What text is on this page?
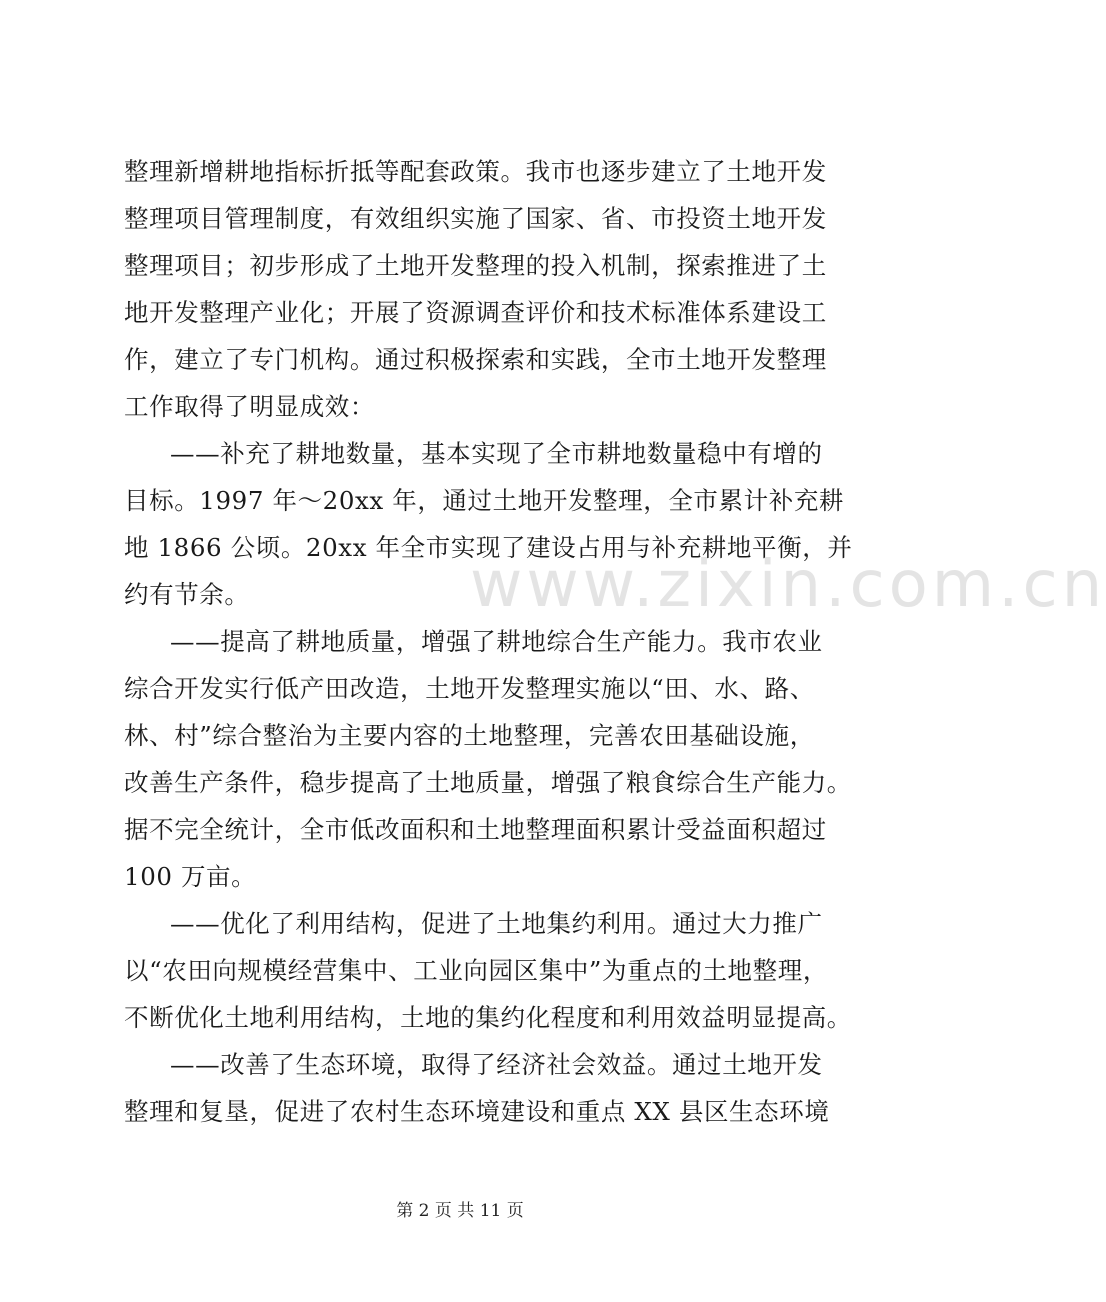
整理新增耕地指标折抵等配套政策。我市也逐步建立了土地开发
整理项目管理制度，有效组织实施了国家、省、市投资土地开发
整理项目；初步形成了土地开发整理的投入机制，探索推进了土
地开发整理产业化；开展了资源调查评价和技术标准体系建设工
作，建立了专门机构。通过积极探索和实践，全市土地开发整理
工作取得了明显成效：
——补充了耕地数量，基本实现了全市耕地数量稳中有增的
目标。1997 年～20xx 年，通过土地开发整理，全市累计补充耕
地 1866 公顷。20xx 年全市实现了建设占用与补充耕地平衡，并
约有节余。
——提高了耕地质量，增强了耕地综合生产能力。我市农业
综合开发实行低产田改造，土地开发整理实施以“田、水、路、
林、村”综合整治为主要内容的土地整理，完善农田基础设施，
改善生产条件，稳步提高了土地质量，增强了粮食综合生产能力。
据不完全统计，全市低改面积和土地整理面积累计受益面积超过
100 万亩。
——优化了利用结构，促进了土地集约利用。通过大力推广
以“农田向规模经营集中、工业向园区集中”为重点的土地整理，
不断优化土地利用结构，土地的集约化程度和利用效益明显提高。
——改善了生态环境，取得了经济社会效益。通过土地开发
整理和复垦，促进了农村生态环境建设和重点 XX 县区生态环境
www.zixin.com.cn
第 2 页 共 11 页
